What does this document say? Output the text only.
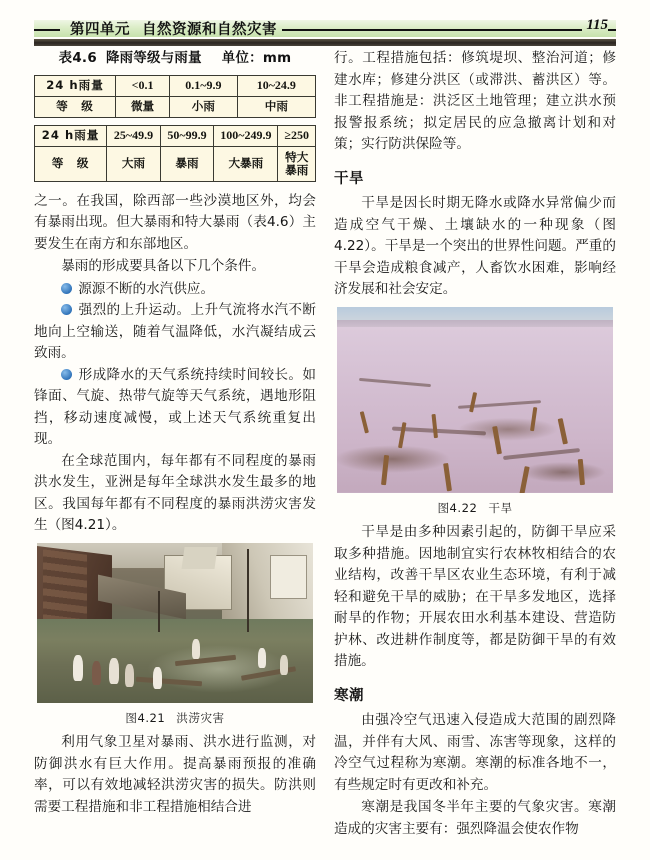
第四单元 自然资源和自然灾害	115
表4.6 降雨等级与雨量 单位：mm
24 h雨量	<0.1	0.1~9.9	10~24.9
等　级	微量	小雨	中雨
24 h雨量	25~49.9	50~99.9	100~249.9	≥250
等　级	大雨	暴雨	大暴雨	特大暴雨

之一。在我国，除西部一些沙漠地区外，均会有暴雨出现。但大暴雨和特大暴雨（表4.6）主要发生在南方和东部地区。

暴雨的形成要具备以下几个条件。

源源不断的水汽供应。

强烈的上升运动。上升气流将水汽不断地向上空输送，随着气温降低，水汽凝结成云致雨。

形成降水的天气系统持续时间较长。如锋面、气旋、热带气旋等天气系统，遇地形阻挡，移动速度减慢，或上述天气系统重复出现。

在全球范围内，每年都有不同程度的暴雨洪水发生，亚洲是每年全球洪水发生最多的地区。我国每年都有不同程度的暴雨洪涝灾害发生（图4.21）。

图4.21 洪涝灾害

利用气象卫星对暴雨、洪水进行监测，对防御洪水有巨大作用。提高暴雨预报的准确率，可以有效地减轻洪涝灾害的损失。防洪则需要工程措施和非工程措施相结合进

行。工程措施包括：修筑堤坝、整治河道；修建水库；修建分洪区（或滞洪、蓄洪区）等。非工程措施是：洪泛区土地管理；建立洪水预报警报系统；拟定居民的应急撤离计划和对策；实行防洪保险等。

干旱

干旱是因长时期无降水或降水异常偏少而造成空气干燥、土壤缺水的一种现象（图4.22）。干旱是一个突出的世界性问题。严重的干旱会造成粮食减产，人畜饮水困难，影响经济发展和社会安定。

图4.22 干旱

干旱是由多种因素引起的，防御干旱应采取多种措施。因地制宜实行农林牧相结合的农业结构，改善干旱区农业生态环境，有利于减轻和避免干旱的威胁；在干旱多发地区，选择耐旱的作物；开展农田水利基本建设、营造防护林、改进耕作制度等，都是防御干旱的有效措施。

寒潮

由强冷空气迅速入侵造成大范围的剧烈降温，并伴有大风、雨雪、冻害等现象，这样的冷空气过程称为寒潮。寒潮的标准各地不一，有些规定时有更改和补充。

寒潮是我国冬半年主要的气象灾害。寒潮造成的灾害主要有：强烈降温会使农作物
